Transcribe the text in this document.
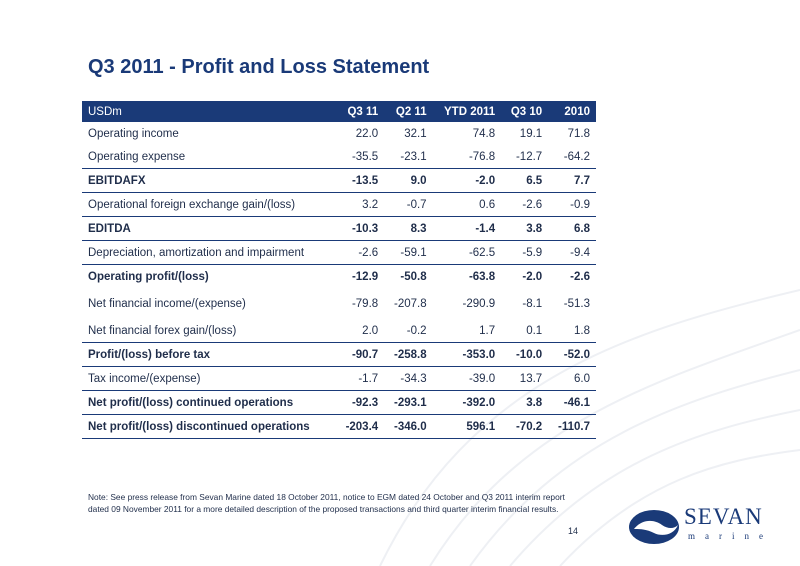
Q3 2011 - Profit and Loss Statement
USDm	Q3 11	Q2 11	YTD 2011	Q3 10	2010
Operating income	22.0	32.1	74.8	19.1	71.8
Operating expense	-35.5	-23.1	-76.8	-12.7	-64.2
EBITDAFX	-13.5	9.0	-2.0	6.5	7.7
Operational foreign exchange gain/(loss)	3.2	-0.7	0.6	-2.6	-0.9
EDITDA	-10.3	8.3	-1.4	3.8	6.8
Depreciation, amortization and impairment	-2.6	-59.1	-62.5	-5.9	-9.4
Operating profit/(loss)	-12.9	-50.8	-63.8	-2.0	-2.6
Net financial income/(expense)	-79.8	-207.8	-290.9	-8.1	-51.3
Net financial forex gain/(loss)	2.0	-0.2	1.7	0.1	1.8
Profit/(loss) before tax	-90.7	-258.8	-353.0	-10.0	-52.0
Tax income/(expense)	-1.7	-34.3	-39.0	13.7	6.0
Net profit/(loss) continued operations	-92.3	-293.1	-392.0	3.8	-46.1
Net profit/(loss) discontinued operations	-203.4	-346.0	596.1	-70.2	-110.7

Note: See press release from Sevan Marine dated 18 October 2011, notice to EGM dated 24 October and Q3 2011 interim report dated 09 November 2011 for a more detailed description of the proposed transactions and third quarter interim financial results.

14
SEVAN
marine
